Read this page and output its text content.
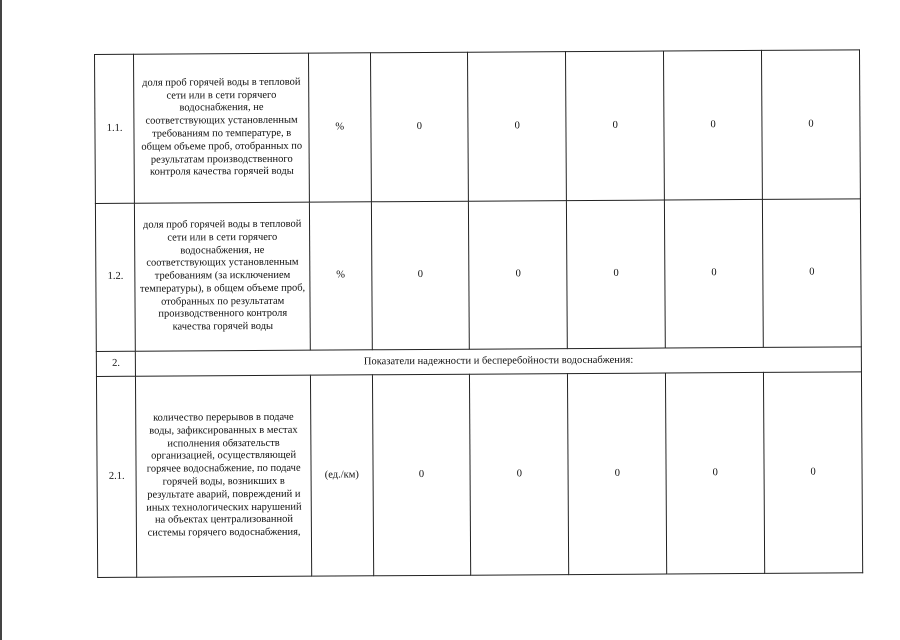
1.1.	доля проб горячей воды в тепловой сети или в сети горячего водоснабжения, не соответствующих установленным требованиям по температуре, в общем объеме проб, отобранных по результатам производственного контроля качества горячей воды	%	0	0	0	0	0
1.2.	доля проб горячей воды в тепловой сети или в сети горячего водоснабжения, не соответствующих установленным требованиям (за исключением температуры), в общем объеме проб, отобранных по результатам производственного контроля качества горячей воды	%	0	0	0	0	0
2.	Показатели надежности и бесперебойности водоснабжения:						
2.1.	количество перерывов в подаче воды, зафиксированных в местах исполнения обязательств организацией, осуществляющей горячее водоснабжение, по подаче горячей воды, возникших в результате аварий, повреждений и иных технологических нарушений на объектах централизованной системы горячего водоснабжения,	(ед./км)	0	0	0	0	0
